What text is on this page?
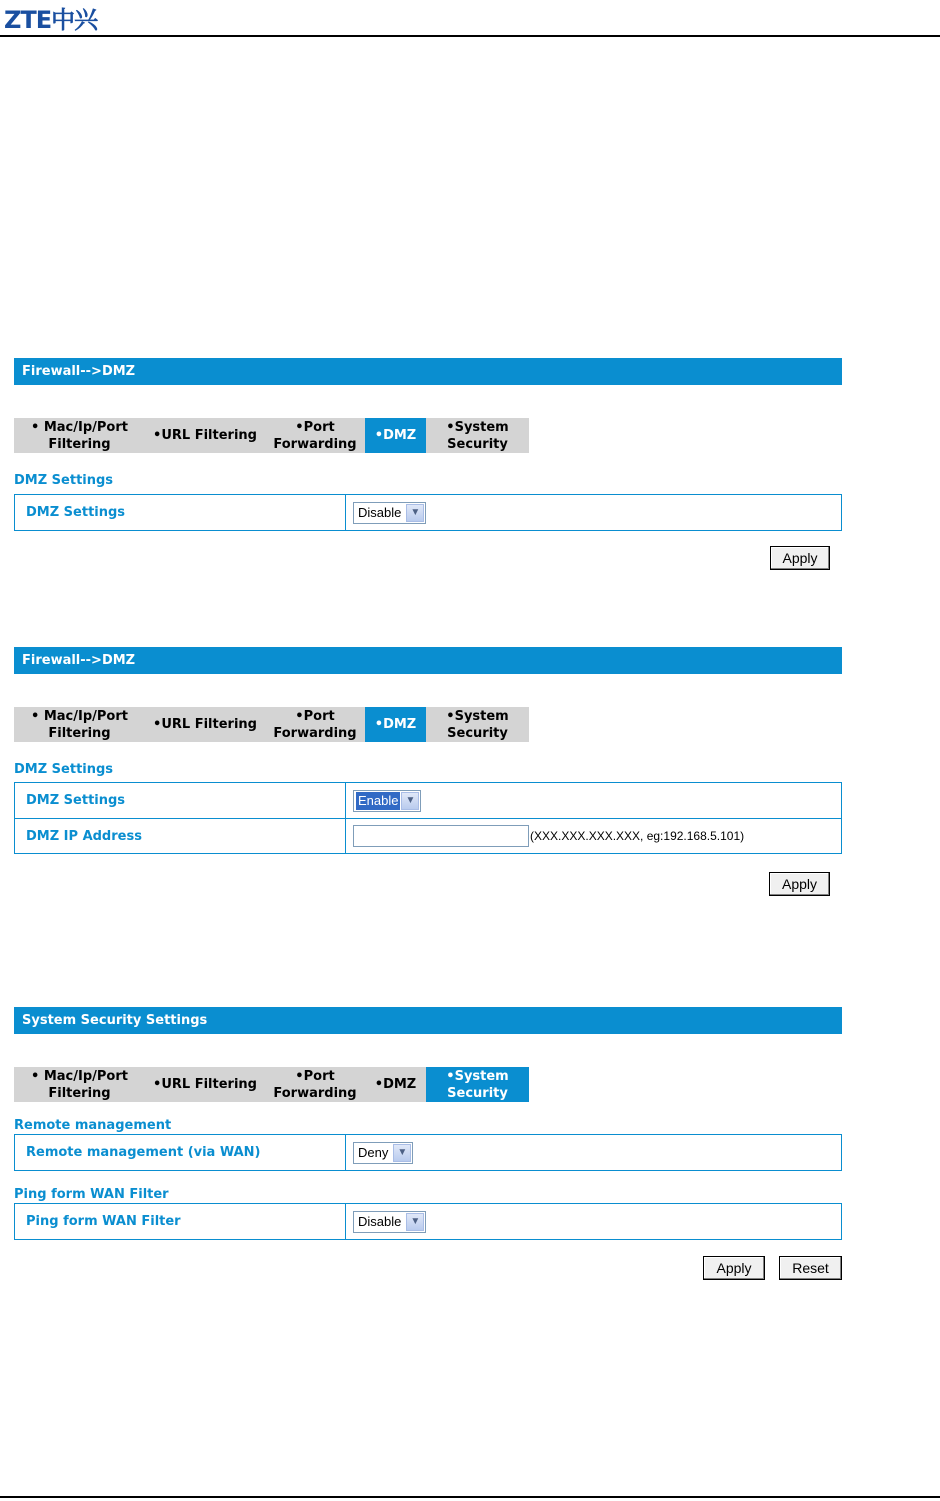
ZTE中兴
Firewall-->DMZ
• Mac/Ip/Port
Filtering
•URL Filtering
•Port
Forwarding
•DMZ
•System
Security
DMZ Settings
DMZ Settings	Disable ▼
Apply
Firewall-->DMZ
• Mac/Ip/Port
Filtering
•URL Filtering
•Port
Forwarding
•DMZ
•System
Security
DMZ Settings
DMZ Settings	Enable ▼
DMZ IP Address	(XXX.XXX.XXX.XXX, eg:192.168.5.101)
Apply
System Security Settings
• Mac/Ip/Port
Filtering
•URL Filtering
•Port
Forwarding
•DMZ
•System
Security
Remote management
Remote management (via WAN)	Deny ▼
Ping form WAN Filter
Ping form WAN Filter	Disable ▼
Apply	Reset
